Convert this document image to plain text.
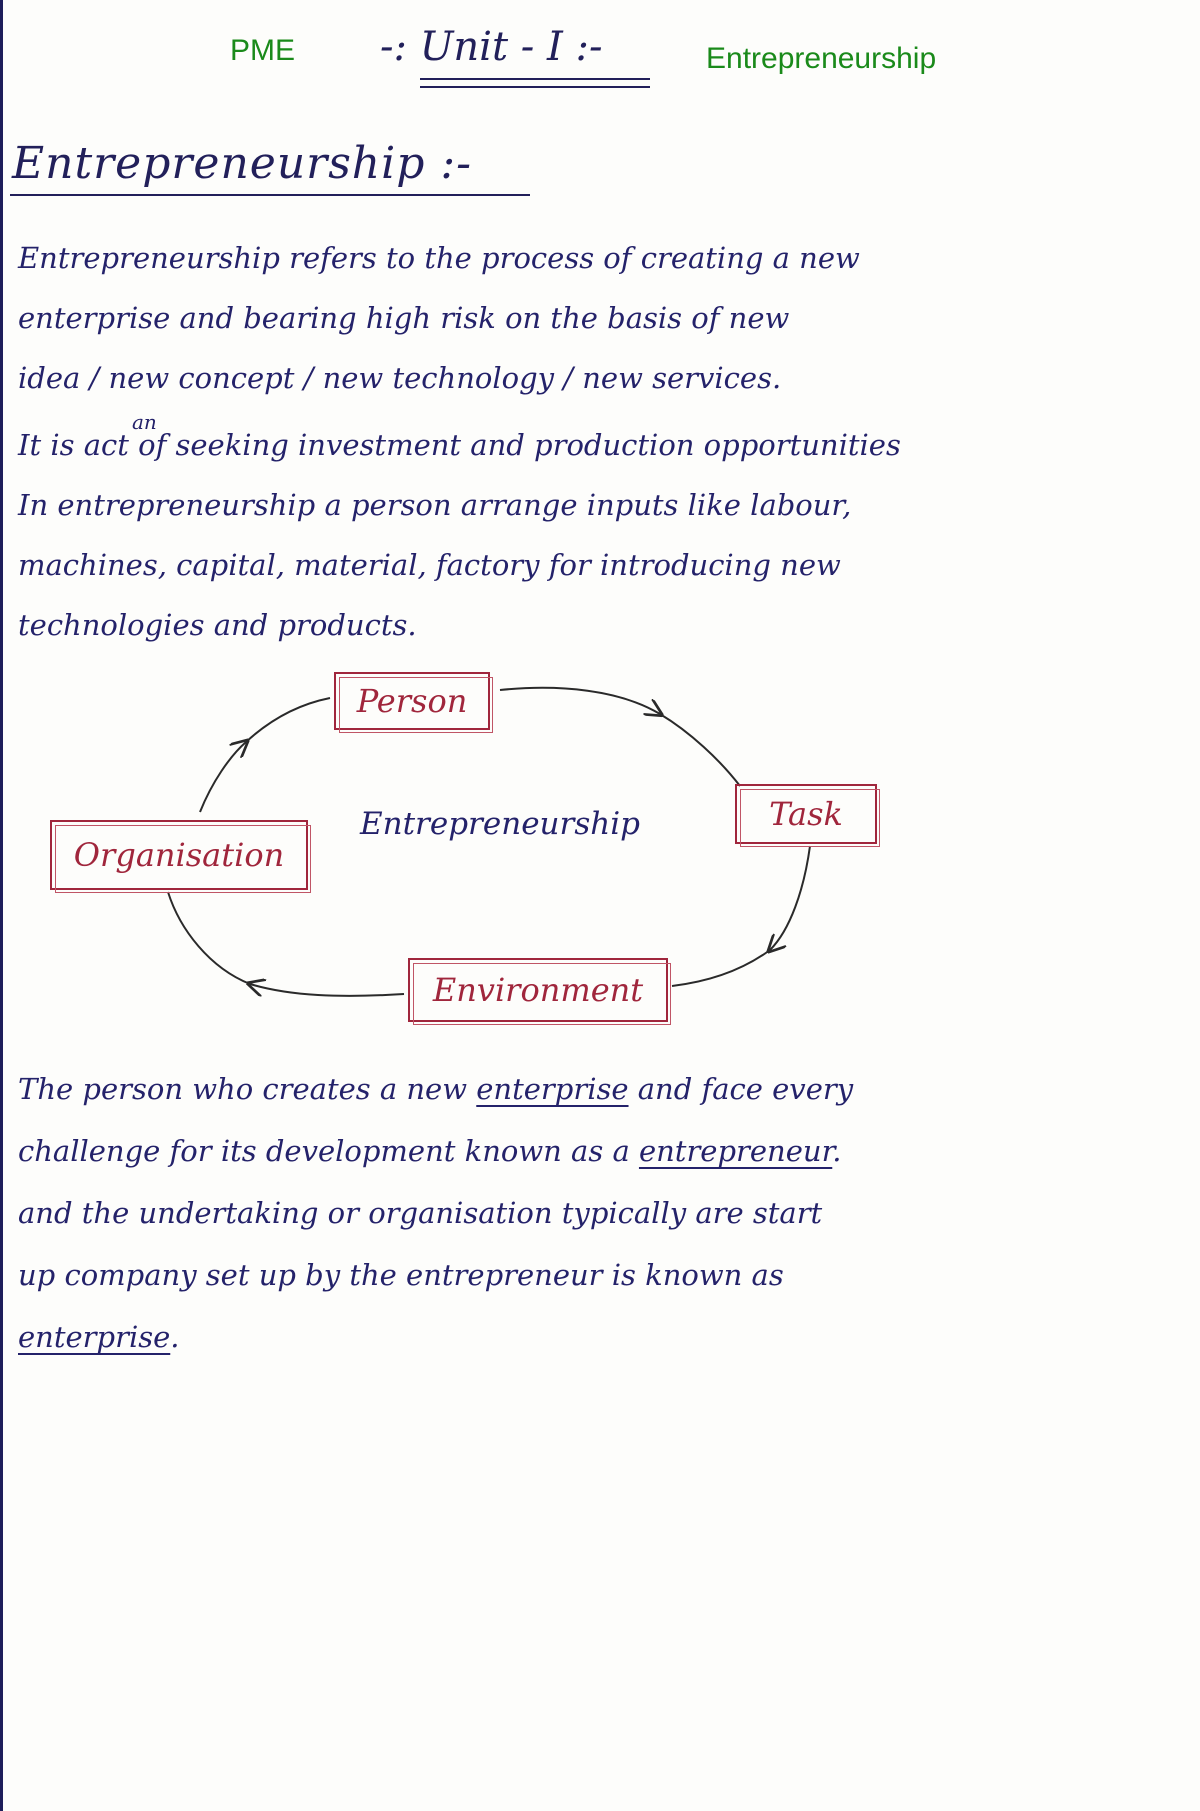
PME -: Unit - I :-	Entrepreneurship
Entrepreneurship :-
Entrepreneurship refers to the process of creating a new
enterprise and bearing high risk on the basis of new
idea / new concept / new technology / new services.
an
It is act of seeking investment and production opportunities
In entrepreneurship a person arrange inputs like labour,
machines, capital, material, factory for introducing new
technologies and products.
Person
Task
Organisation
Environment
Entrepreneurship
The person who creates a new enterprise and face every
challenge for its development known as a entrepreneur.
and the undertaking or organisation typically are start
up company set up by the entrepreneur is known as
enterprise.
